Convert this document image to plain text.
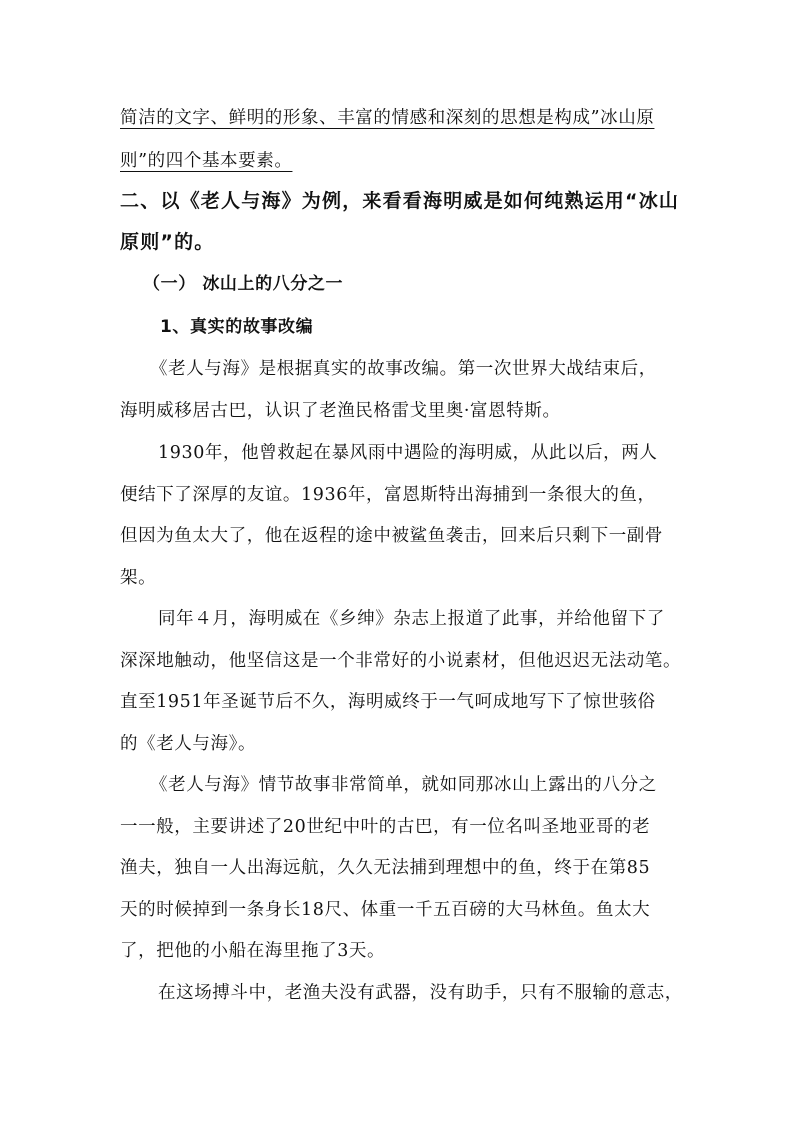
简洁的文字、鲜明的形象、丰富的情感和深刻的思想是构成”冰山原
则”的四个基本要素。
二、以《老人与海》为例，来看看海明威是如何纯熟运用“冰山
原则”的。
（一） 冰山上的八分之一
1、真实的故事改编
《老人与海》是根据真实的故事改编。第一次世界大战结束后，
海明威移居古巴，认识了老渔民格雷戈里奥·富恩特斯。
1930年，他曾救起在暴风雨中遇险的海明威，从此以后，两人
便结下了深厚的友谊。1936年，富恩斯特出海捕到一条很大的鱼，
但因为鱼太大了，他在返程的途中被鲨鱼袭击，回来后只剩下一副骨
架。
同年４月，海明威在《乡绅》杂志上报道了此事，并给他留下了
深深地触动，他坚信这是一个非常好的小说素材，但他迟迟无法动笔。
直至1951年圣诞节后不久，海明威终于一气呵成地写下了惊世骇俗
的《老人与海》。
《老人与海》情节故事非常简单，就如同那冰山上露出的八分之
一一般，主要讲述了20世纪中叶的古巴，有一位名叫圣地亚哥的老
渔夫，独自一人出海远航，久久无法捕到理想中的鱼，终于在第85
天的时候掉到一条身长18尺、体重一千五百磅的大马林鱼。鱼太大
了，把他的小船在海里拖了3天。
在这场搏斗中，老渔夫没有武器，没有助手，只有不服输的意志，
